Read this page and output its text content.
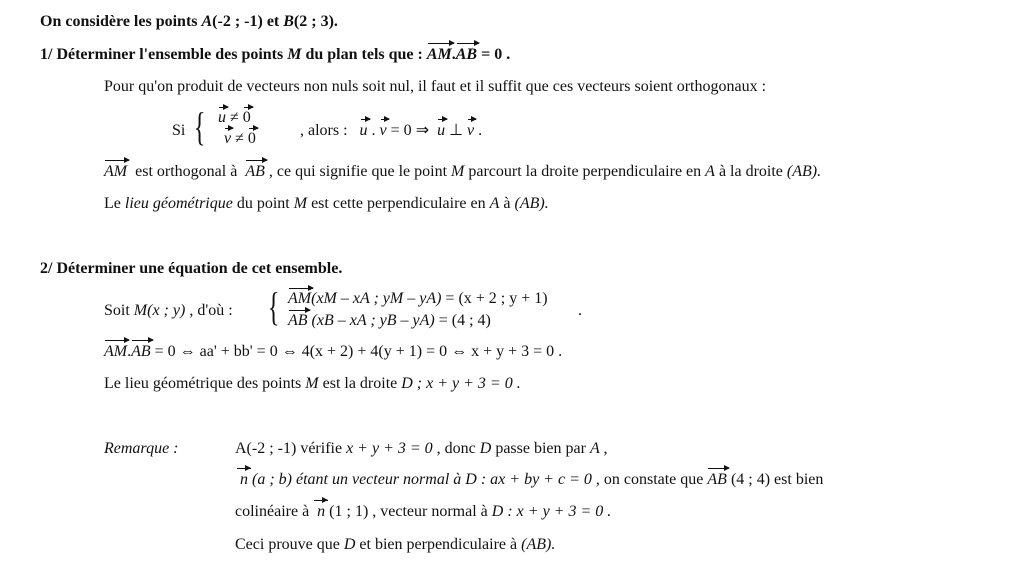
On considère les points A(-2 ; -1) et B(2 ; 3).
1/ Déterminer l'ensemble des points M du plan tels que : AM.AB = 0 .
Pour qu'on produit de vecteurs non nuls soit nul, il faut et il suffit que ces vecteurs soient orthogonaux :
Si { u ≠ 0
v ≠ 0	, alors : u . v = 0 ⇒ u ⊥ v .
AM est orthogonal à AB , ce qui signifie que le point M parcourt la droite perpendiculaire en A à la droite (AB).
Le lieu géométrique du point M est cette perpendiculaire en A à (AB).
2/ Déterminer une équation de cet ensemble.
Soit M(x ; y) , d'où : { AM(xM – xA ; yM – yA) = (x + 2 ; y + 1)
AB (xB – xA ; yB – yA) = (4 ; 4)
.
AM.AB = 0 ⇔ aa' + bb' = 0 ⇔ 4(x + 2) + 4(y + 1) = 0 ⇔ x + y + 3 = 0 .
Le lieu géométrique des points M est la droite D ; x + y + 3 = 0 .
Remarque :	A(-2 ; -1) vérifie x + y + 3 = 0 , donc D passe bien par A ,
n (a ; b) étant un vecteur normal à D : ax + by + c = 0 , on constate que AB (4 ; 4) est bien
colinéaire à n (1 ; 1) , vecteur normal à D : x + y + 3 = 0 .
Ceci prouve que D et bien perpendiculaire à (AB).
